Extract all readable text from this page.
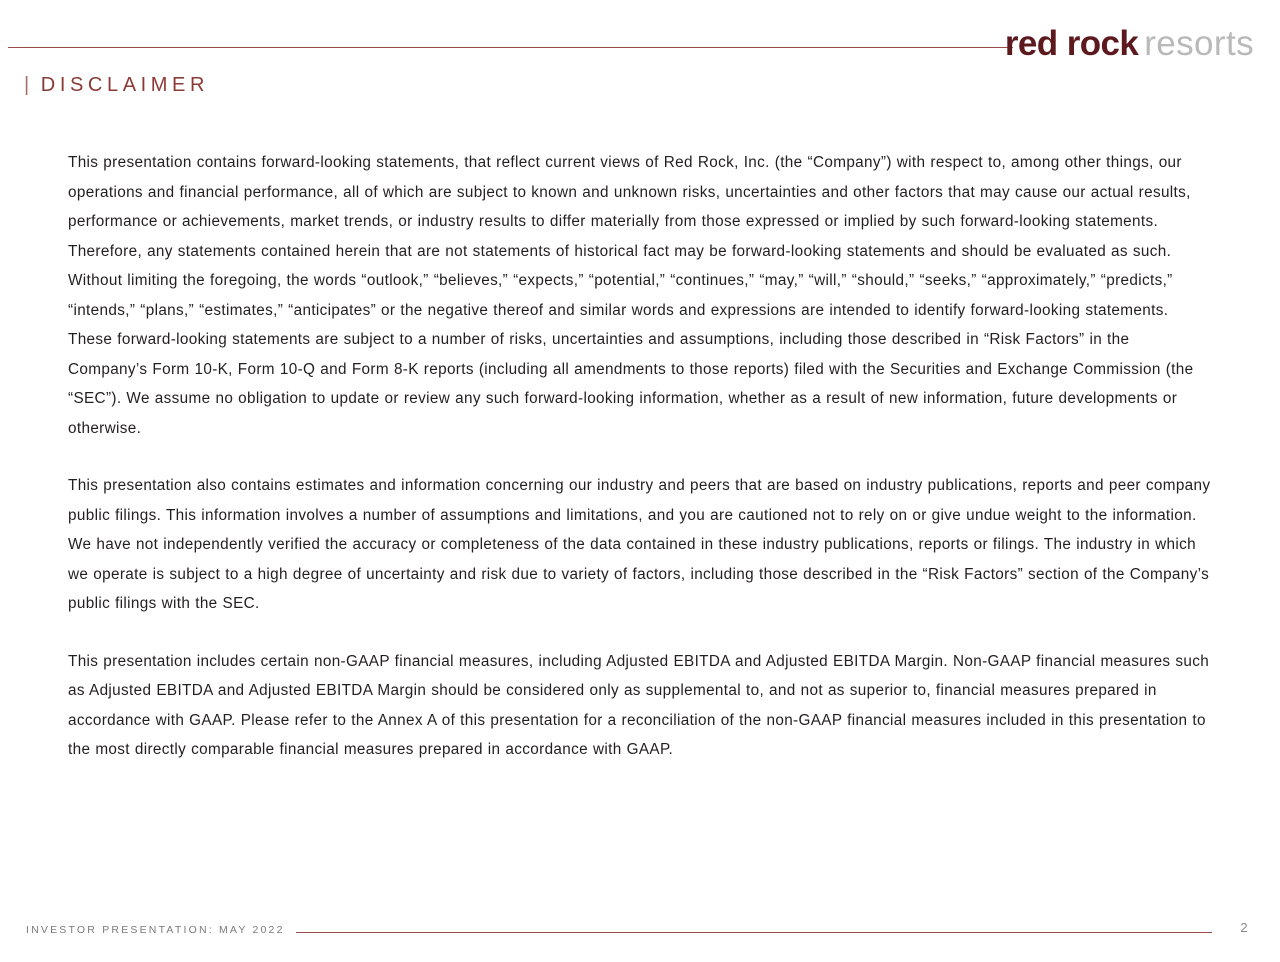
red rock resorts
| DISCLAIMER

This presentation contains forward-looking statements, that reflect current views of Red Rock, Inc. (the “Company”) with respect to, among other things, our operations and financial performance, all of which are subject to known and unknown risks, uncertainties and other factors that may cause our actual results, performance or achievements, market trends, or industry results to differ materially from those expressed or implied by such forward-looking statements. Therefore, any statements contained herein that are not statements of historical fact may be forward-looking statements and should be evaluated as such. Without limiting the foregoing, the words “outlook,” “believes,” “expects,” “potential,” “continues,” “may,” “will,” “should,” “seeks,” “approximately,” “predicts,” “intends,” “plans,” “estimates,” “anticipates” or the negative thereof and similar words and expressions are intended to identify forward-looking statements. These forward-looking statements are subject to a number of risks, uncertainties and assumptions, including those described in “Risk Factors” in the Company’s Form 10-K, Form 10-Q and Form 8-K reports (including all amendments to those reports) filed with the Securities and Exchange Commission (the “SEC”). We assume no obligation to update or review any such forward-looking information, whether as a result of new information, future developments or otherwise.

This presentation also contains estimates and information concerning our industry and peers that are based on industry publications, reports and peer company public filings. This information involves a number of assumptions and limitations, and you are cautioned not to rely on or give undue weight to the information. We have not independently verified the accuracy or completeness of the data contained in these industry publications, reports or filings. The industry in which we operate is subject to a high degree of uncertainty and risk due to variety of factors, including those described in the “Risk Factors” section of the Company’s public filings with the SEC.

This presentation includes certain non-GAAP financial measures, including Adjusted EBITDA and Adjusted EBITDA Margin. Non-GAAP financial measures such as Adjusted EBITDA and Adjusted EBITDA Margin should be considered only as supplemental to, and not as superior to, financial measures prepared in accordance with GAAP. Please refer to the Annex A of this presentation for a reconciliation of the non-GAAP financial measures included in this presentation to the most directly comparable financial measures prepared in accordance with GAAP.

INVESTOR PRESENTATION: MAY 2022	2
